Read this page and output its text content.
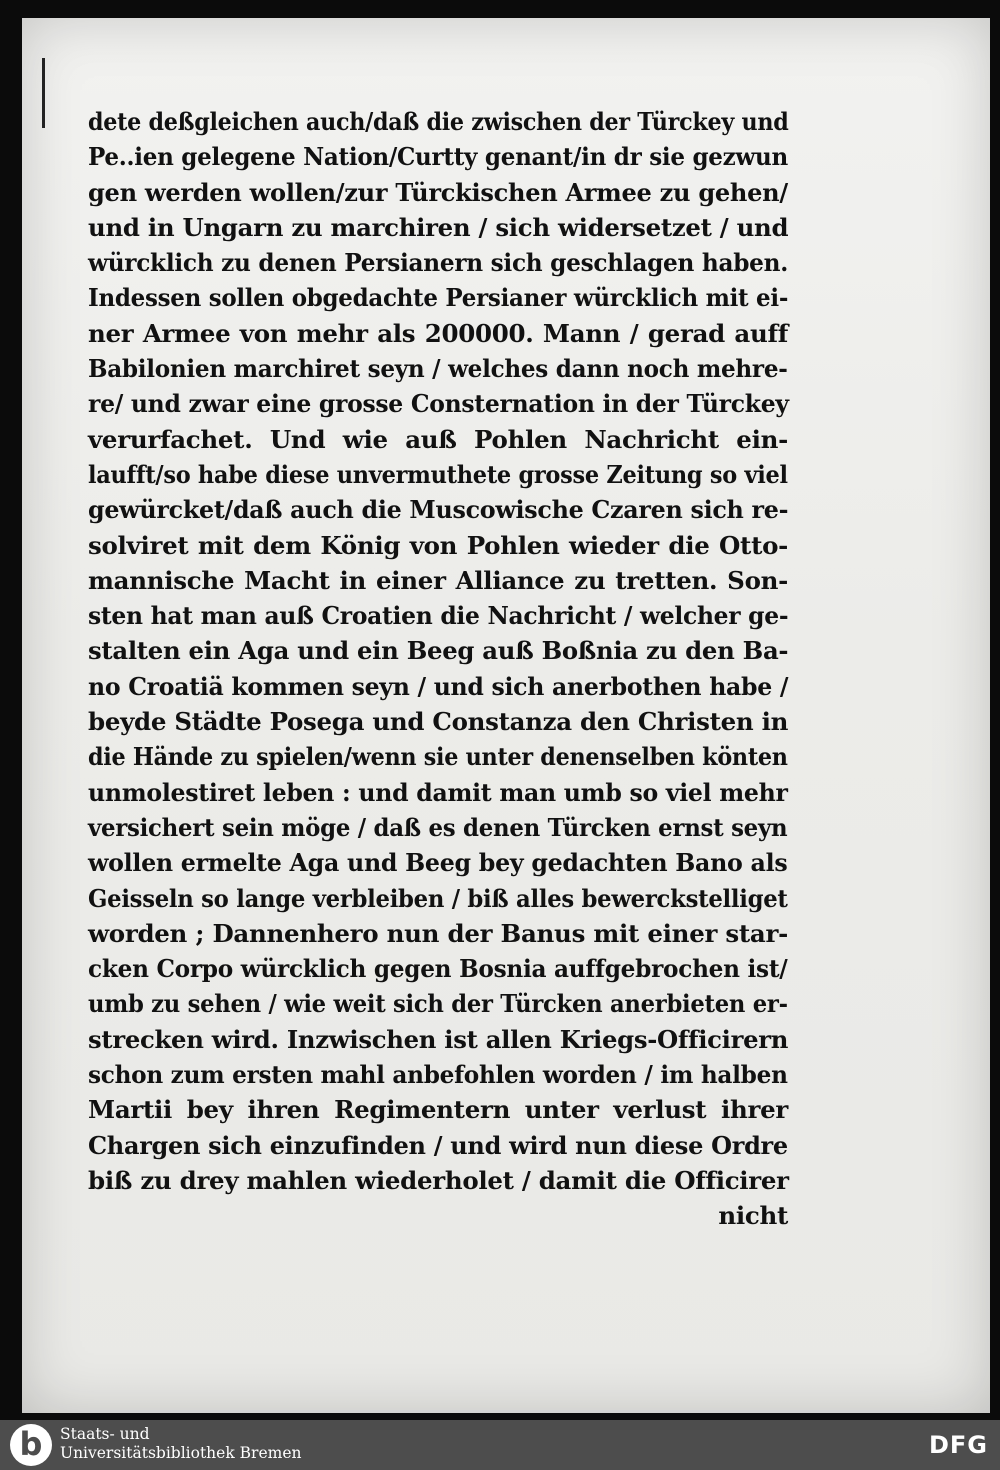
dete deßgleichen auch/daß die zwischen der Türckey und
Pe..ien gelegene Nation/Curtty genant/in dr sie gezwun
gen werden wollen/zur Türckischen Armee zu gehen/
und in Ungarn zu marchiren / sich widersetzet / und
würcklich zu denen Persianern sich geschlagen haben.
Indessen sollen obgedachte Persianer würcklich mit ei-
ner Armee von mehr als 200000. Mann / gerad auff
Babilonien marchiret seyn / welches dann noch mehre-
re/ und zwar eine grosse Consternation in der Türckey
verurfachet. Und wie auß Pohlen Nachricht ein-
laufft/so habe diese unvermuthete grosse Zeitung so viel
gewürcket/daß auch die Muscowische Czaren sich re-
solviret mit dem König von Pohlen wieder die Otto-
mannische Macht in einer Alliance zu tretten. Son-
sten hat man auß Croatien die Nachricht / welcher ge-
stalten ein Aga und ein Beeg auß Boßnia zu den Ba-
no Croatiä kommen seyn / und sich anerbothen habe /
beyde Städte Posega und Constanza den Christen in
die Hände zu spielen/wenn sie unter denenselben könten
unmolestiret leben : und damit man umb so viel mehr
versichert sein möge / daß es denen Türcken ernst seyn
wollen ermelte Aga und Beeg bey gedachten Bano als
Geisseln so lange verbleiben / biß alles bewerckstelliget
worden ; Dannenhero nun der Banus mit einer star-
cken Corpo würcklich gegen Bosnia auffgebrochen ist/
umb zu sehen / wie weit sich der Türcken anerbieten er-
strecken wird. Inzwischen ist allen Kriegs-Officirern
schon zum ersten mahl anbefohlen worden / im halben
Martii bey ihren Regimentern unter verlust ihrer
Chargen sich einzufinden / und wird nun diese Ordre
biß zu drey mahlen wiederholet / damit die Officirer
nicht
b	Staats- und
Universitätsbibliothek Bremen	DFG
